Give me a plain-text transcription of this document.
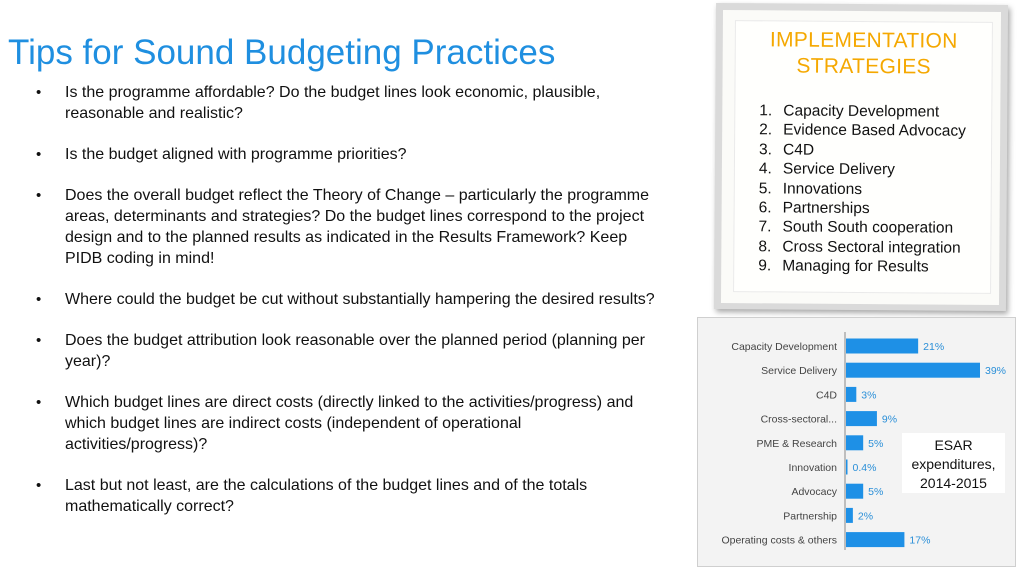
Tips for Sound Budgeting Practices
• Is the programme affordable? Do the budget lines look economic, plausible, reasonable and realistic?
• Is the budget aligned with programme priorities?
• Does the overall budget reflect the Theory of Change – particularly the programme areas, determinants and strategies? Do the budget lines correspond to the project design and to the planned results as indicated in the Results Framework? Keep PIDB coding in mind!
• Where could the budget be cut without substantially hampering the desired results?
• Does the budget attribution look reasonable over the planned period (planning per year)?
• Which budget lines are direct costs (directly linked to the activities/progress) and which budget lines are indirect costs (independent of operational activities/progress)?
• Last but not least, are the calculations of the budget lines and of the totals mathematically correct?
IMPLEMENTATION
STRATEGIES
1. Capacity Development
2. Evidence Based Advocacy
3. C4D
4. Service Delivery
5. Innovations
6. Partnerships
7. South South cooperation
8. Cross Sectoral integration
9. Managing for Results
Capacity Development	21%
Service Delivery	39%
C4D 3%
Cross-sectoral...	9%
PME & Research	5%
Innovation 0.4%
Advocacy	5%
Partnership 2%
Operating costs & others	17%
ESAR
expenditures,
2014-2015
